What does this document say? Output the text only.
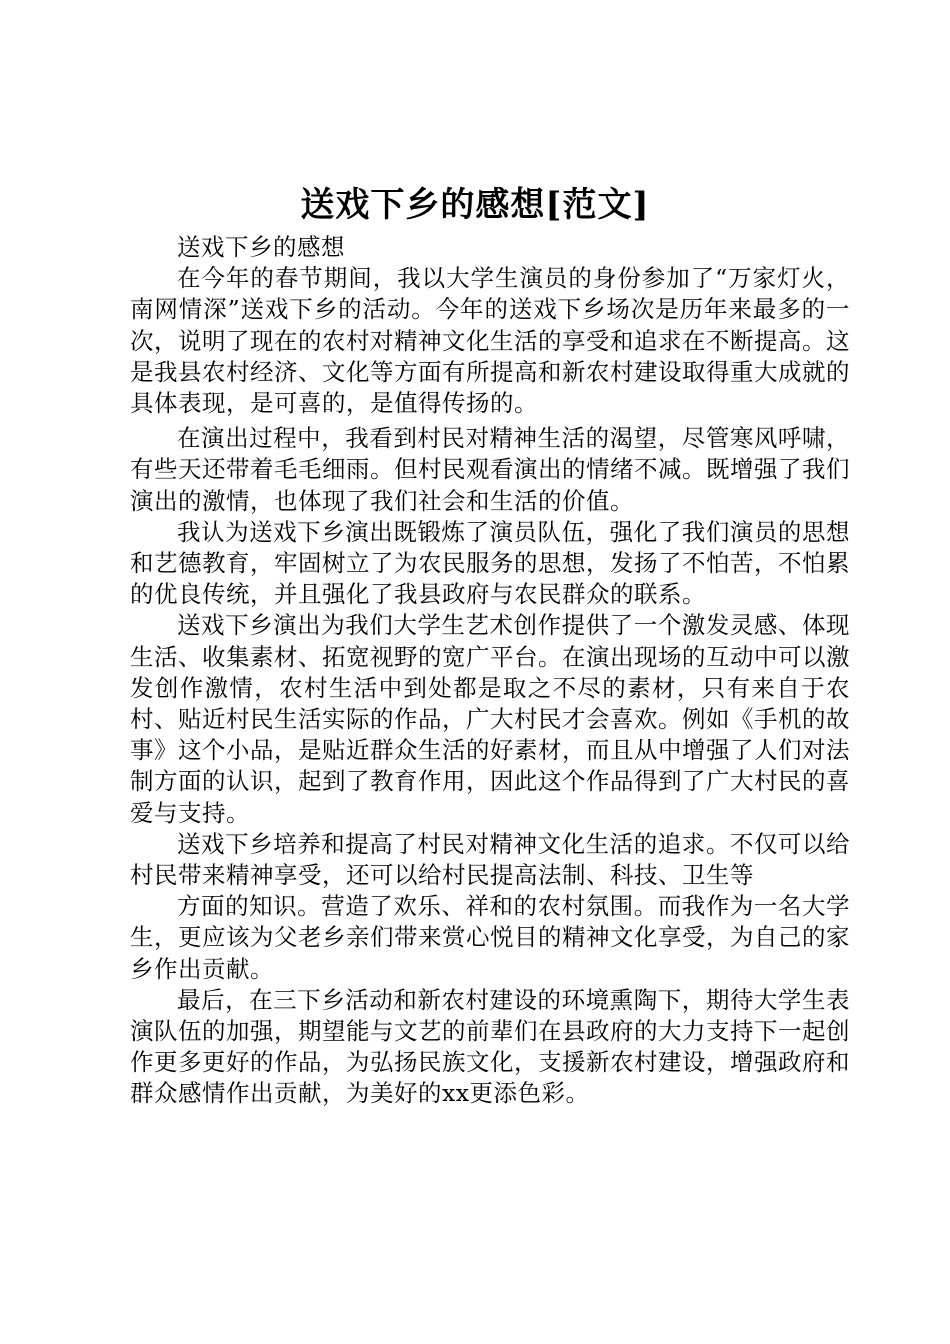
送戏下乡的感想[范文]

送戏下乡的感想

在今年的春节期间，我以大学生演员的身份参加了“万家灯火，南网情深”送戏下乡的活动。今年的送戏下乡场次是历年来最多的一次，说明了现在的农村对精神文化生活的享受和追求在不断提高。这是我县农村经济、文化等方面有所提高和新农村建设取得重大成就的具体表现，是可喜的，是值得传扬的。

在演出过程中，我看到村民对精神生活的渴望，尽管寒风呼啸，有些天还带着毛毛细雨。但村民观看演出的情绪不减。既增强了我们演出的激情，也体现了我们社会和生活的价值。

我认为送戏下乡演出既锻炼了演员队伍，强化了我们演员的思想和艺德教育，牢固树立了为农民服务的思想，发扬了不怕苦，不怕累的优良传统，并且强化了我县政府与农民群众的联系。

送戏下乡演出为我们大学生艺术创作提供了一个激发灵感、体现生活、收集素材、拓宽视野的宽广平台。在演出现场的互动中可以激发创作激情，农村生活中到处都是取之不尽的素材，只有来自于农村、贴近村民生活实际的作品，广大村民才会喜欢。例如《手机的故事》这个小品，是贴近群众生活的好素材，而且从中增强了人们对法制方面的认识，起到了教育作用，因此这个作品得到了广大村民的喜爱与支持。

送戏下乡培养和提高了村民对精神文化生活的追求。不仅可以给村民带来精神享受，还可以给村民提高法制、科技、卫生等

方面的知识。营造了欢乐、祥和的农村氛围。而我作为一名大学生，更应该为父老乡亲们带来赏心悦目的精神文化享受，为自己的家乡作出贡献。

最后，在三下乡活动和新农村建设的环境熏陶下，期待大学生表演队伍的加强，期望能与文艺的前辈们在县政府的大力支持下一起创作更多更好的作品，为弘扬民族文化，支援新农村建设，增强政府和群众感情作出贡献，为美好的xx更添色彩。
